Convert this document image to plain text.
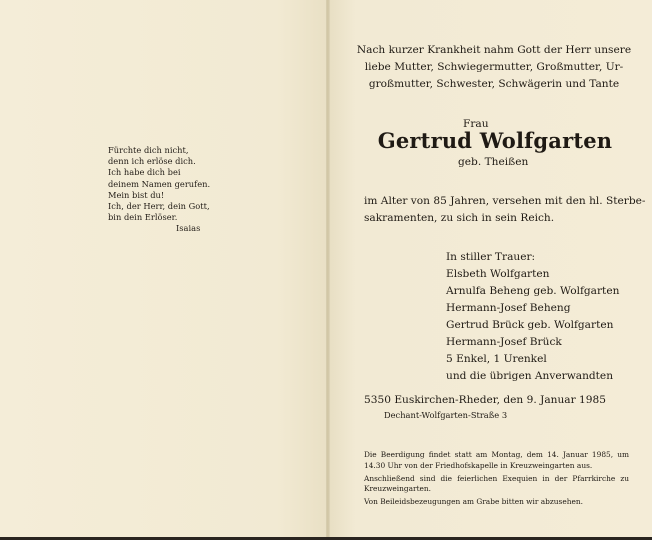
Fürchte dich nicht,
denn ich erlöse dich.
Ich habe dich bei
deinem Namen gerufen.
Mein bist du!
Ich, der Herr, dein Gott,
bin dein Erlöser.
Isaias
Nach kurzer Krankheit nahm Gott der Herr unsere
liebe Mutter, Schwiegermutter, Großmutter, Ur-
großmutter, Schwester, Schwägerin und Tante
Frau
Gertrud Wolfgarten
geb. Theißen
im Alter von 85 Jahren, versehen mit den hl. Sterbe-
sakramenten, zu sich in sein Reich.
In stiller Trauer:
Elsbeth Wolfgarten
Arnulfa Beheng geb. Wolfgarten
Hermann-Josef Beheng
Gertrud Brück geb. Wolfgarten
Hermann-Josef Brück
5 Enkel, 1 Urenkel
und die übrigen Anverwandten
5350 Euskirchen-Rheder, den 9. Januar 1985
Dechant-Wolfgarten-Straße 3
Die Beerdigung findet statt am Montag, dem 14. Januar 1985, um 14.30 Uhr von der Friedhofskapelle in Kreuzweingarten aus.
Anschließend sind die feierlichen Exequien in der Pfarrkirche zu Kreuzweingarten.
Von Beileidsbezeugungen am Grabe bitten wir abzusehen.
